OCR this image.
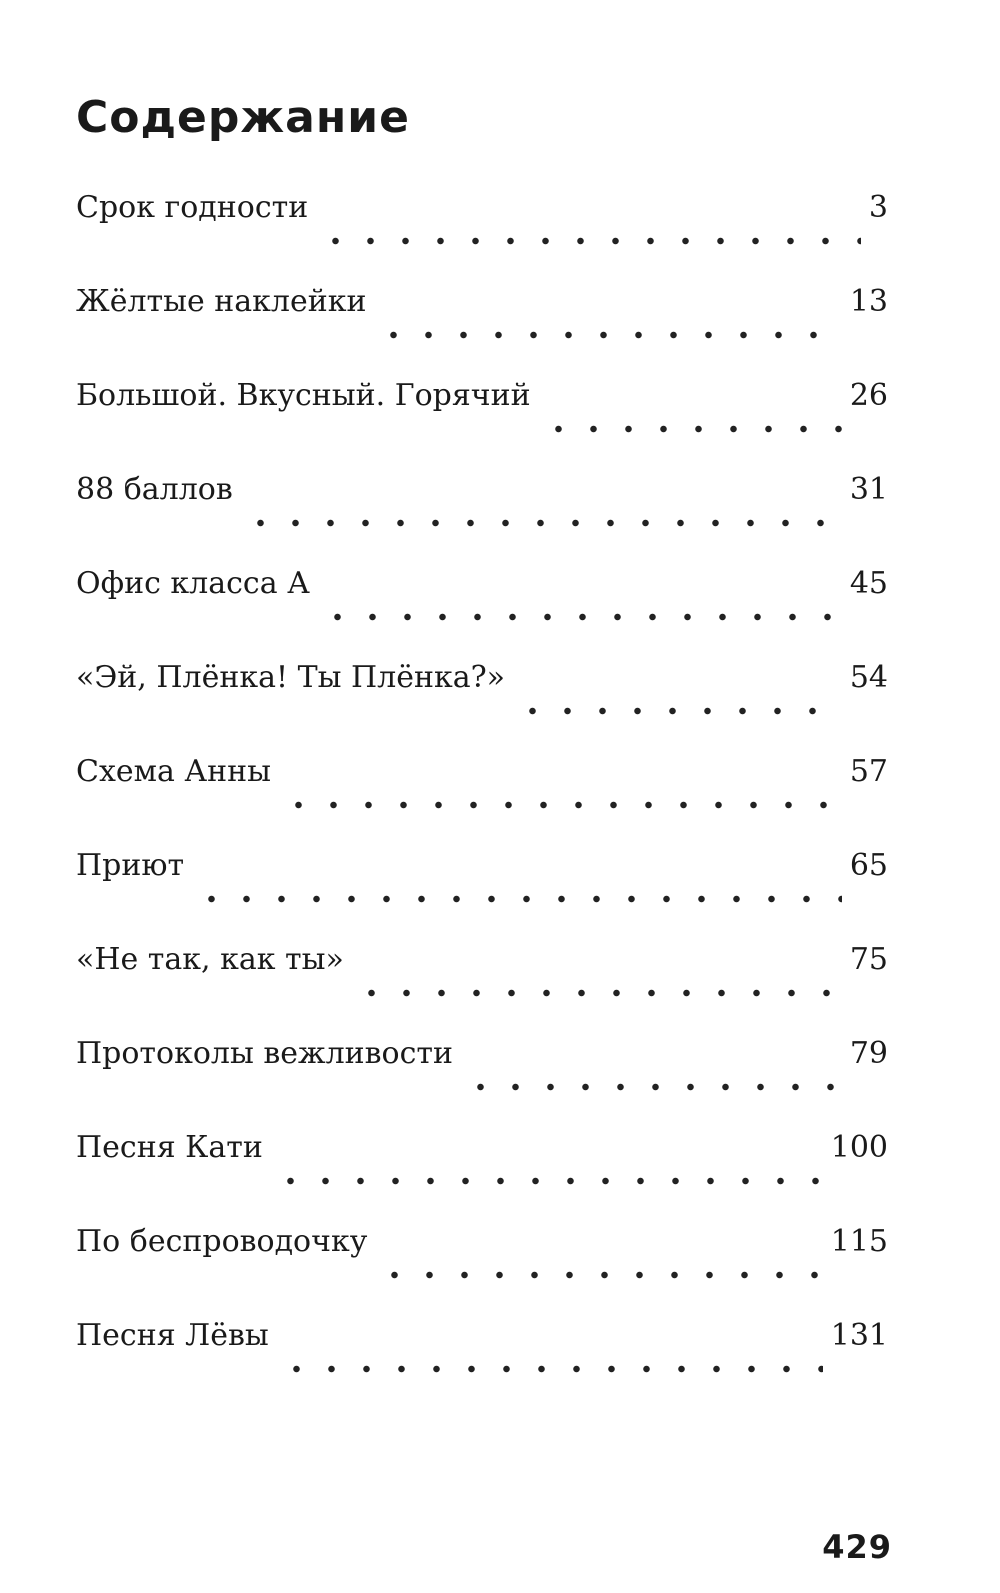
Содержание
Срок годности	3
Жёлтые наклейки	13
Большой. Вкусный. Горячий	26
88 баллов	31
Офис класса А	45
«Эй, Плёнка! Ты Плёнка?»	54
Схема Анны	57
Приют	65
«Не так, как ты»	75
Протоколы вежливости	79
Песня Кати	100
По беспроводочку	115
Песня Лёвы	131
429
